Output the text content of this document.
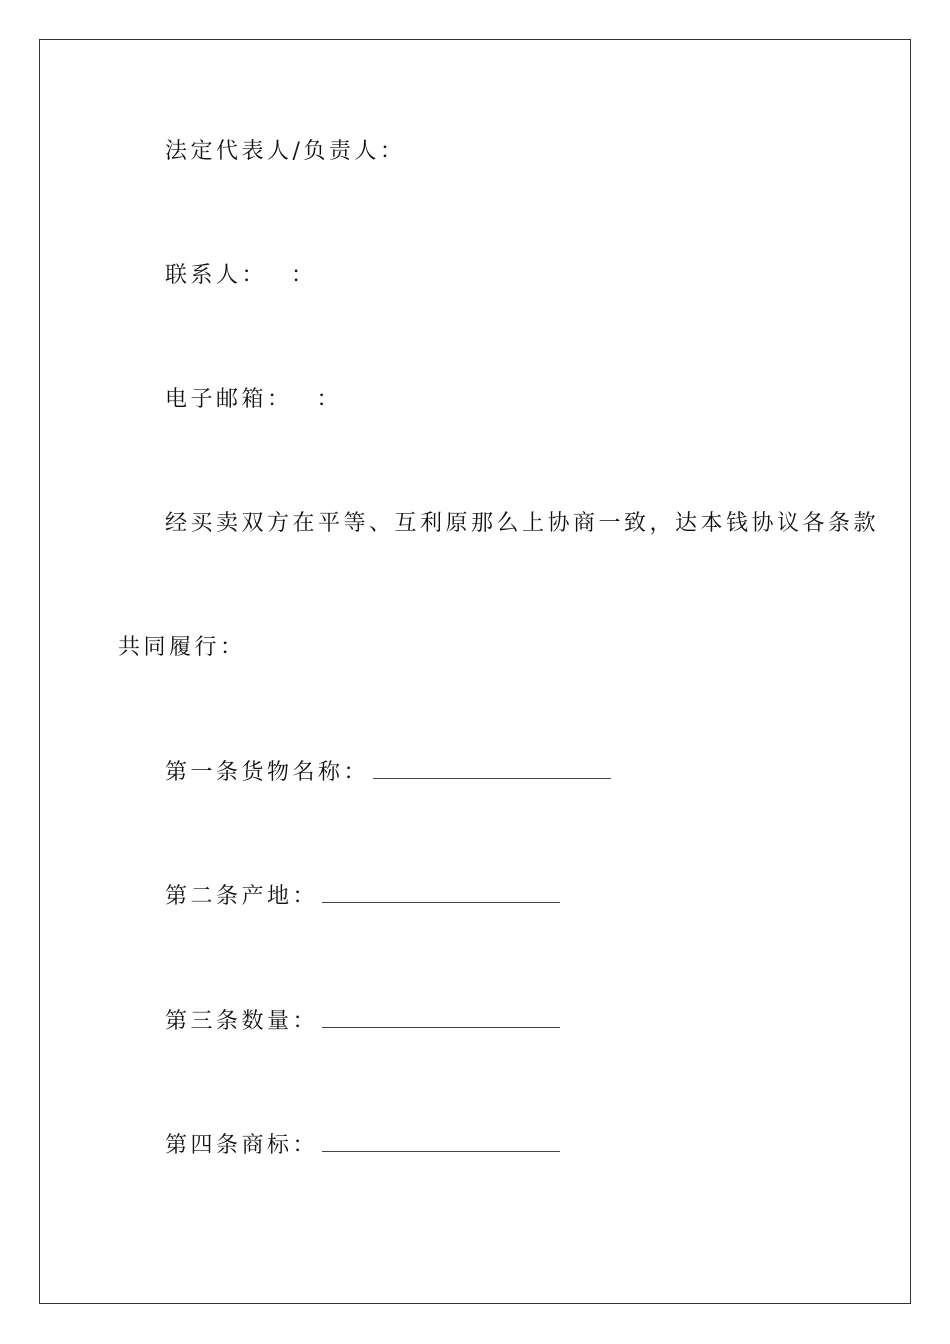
法定代表人/负责人：
联系人： ：
电子邮箱： ：
经买卖双方在平等、互利原那么上协商一致，达本钱协议各条款
共同履行：
第一条货物名称：
第二条产地：
第三条数量：
第四条商标：
